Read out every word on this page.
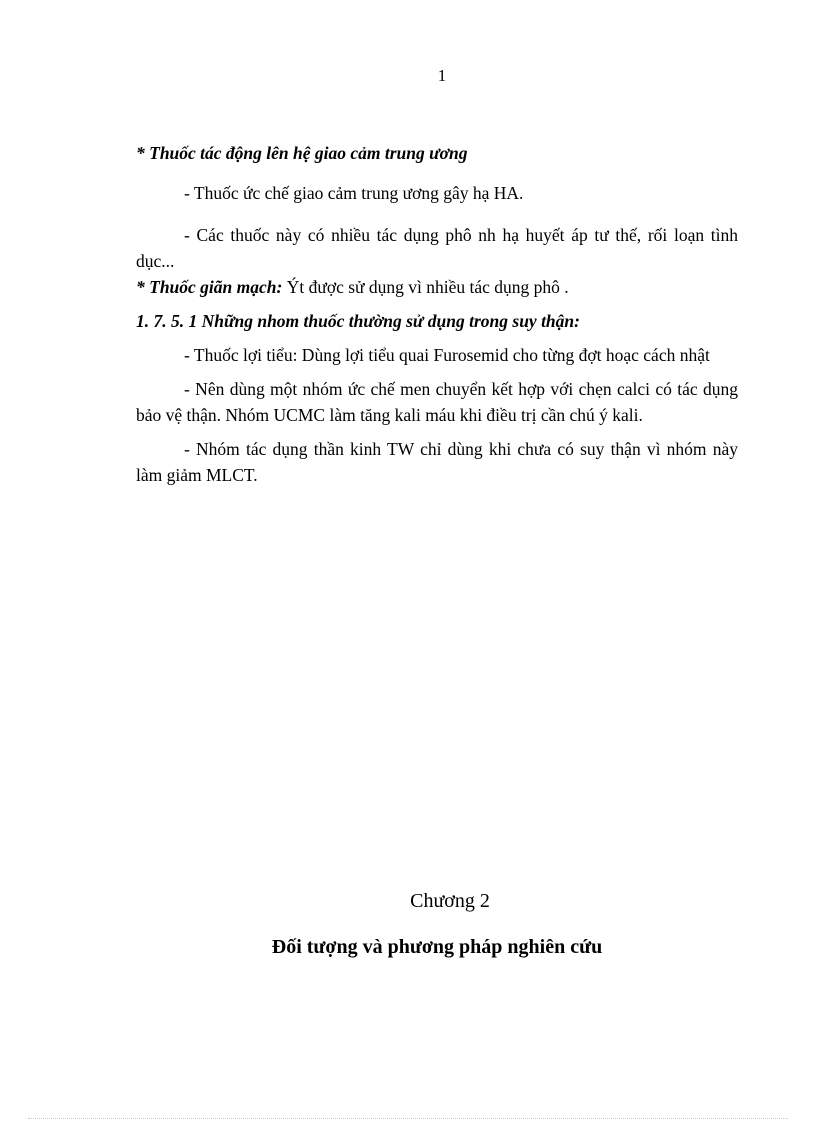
1

* Thuốc tác động lên hệ giao cảm trung ương

- Thuốc ức chế giao cảm trung ương gây hạ HA.

- Các thuốc này có nhiều tác dụng phô nh hạ huyết áp tư thế, rối loạn tình dục...

* Thuốc giãn mạch: Ýt được sử dụng vì nhiều tác dụng phô .

1. 7. 5. 1 Những nhom thuốc thường sử dụng trong suy thận:

- Thuốc lợi tiểu: Dùng lợi tiểu quai Furosemid cho từng đợt hoạc cách nhật

- Nên dùng một nhóm ức chế men chuyển kết hợp với chẹn calci có tác dụng bảo vệ thận. Nhóm UCMC làm tăng kali máu khi điều trị cần chú ý kali.

- Nhóm tác dụng thần kinh TW chỉ dùng khi chưa có suy thận vì nhóm này làm giảm MLCT.

Chương 2
Đối tượng và phương pháp nghiên cứu
